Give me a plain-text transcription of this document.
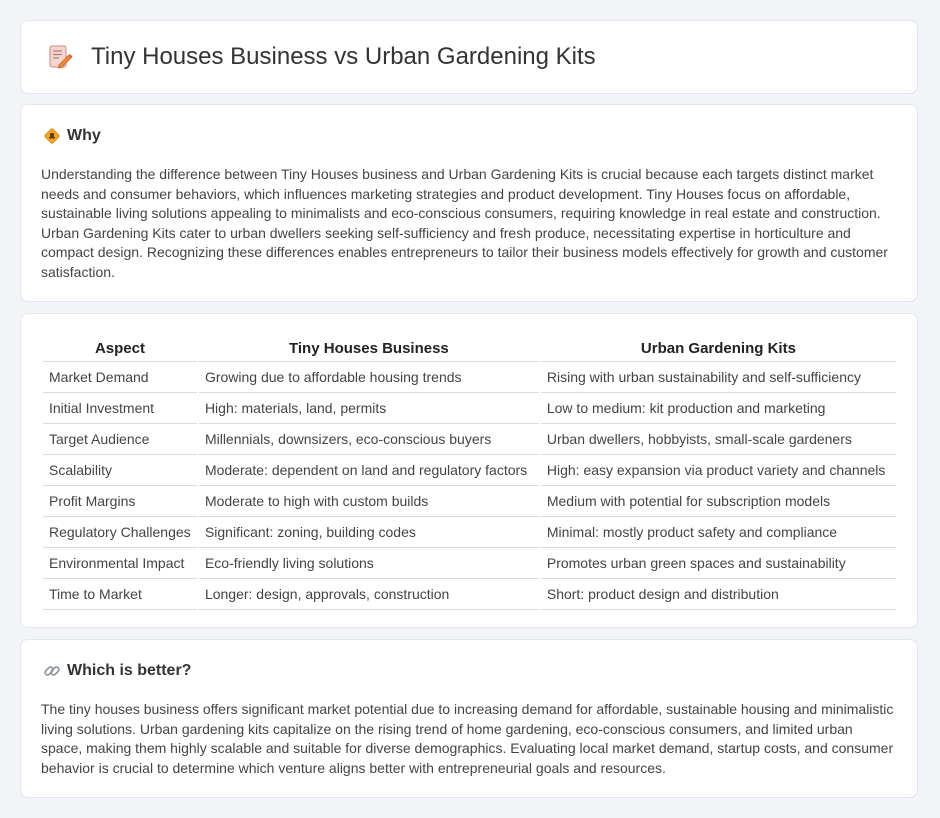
Tiny Houses Business vs Urban Gardening Kits
Why

Understanding the difference between Tiny Houses business and Urban Gardening Kits is crucial because each targets distinct market needs and consumer behaviors, which influences marketing strategies and product development. Tiny Houses focus on affordable, sustainable living solutions appealing to minimalists and eco-conscious consumers, requiring knowledge in real estate and construction. Urban Gardening Kits cater to urban dwellers seeking self-sufficiency and fresh produce, necessitating expertise in horticulture and compact design. Recognizing these differences enables entrepreneurs to tailor their business models effectively for growth and customer satisfaction.

Aspect	Tiny Houses Business	Urban Gardening Kits
Market Demand	Growing due to affordable housing trends	Rising with urban sustainability and self-sufficiency
Initial Investment	High: materials, land, permits	Low to medium: kit production and marketing
Target Audience	Millennials, downsizers, eco-conscious buyers	Urban dwellers, hobbyists, small-scale gardeners
Scalability	Moderate: dependent on land and regulatory factors	High: easy expansion via product variety and channels
Profit Margins	Moderate to high with custom builds	Medium with potential for subscription models
Regulatory Challenges	Significant: zoning, building codes	Minimal: mostly product safety and compliance
Environmental Impact	Eco-friendly living solutions	Promotes urban green spaces and sustainability
Time to Market	Longer: design, approvals, construction	Short: product design and distribution
Which is better?

The tiny houses business offers significant market potential due to increasing demand for affordable, sustainable housing and minimalistic living solutions. Urban gardening kits capitalize on the rising trend of home gardening, eco-conscious consumers, and limited urban space, making them highly scalable and suitable for diverse demographics. Evaluating local market demand, startup costs, and consumer behavior is crucial to determine which venture aligns better with entrepreneurial goals and resources.
